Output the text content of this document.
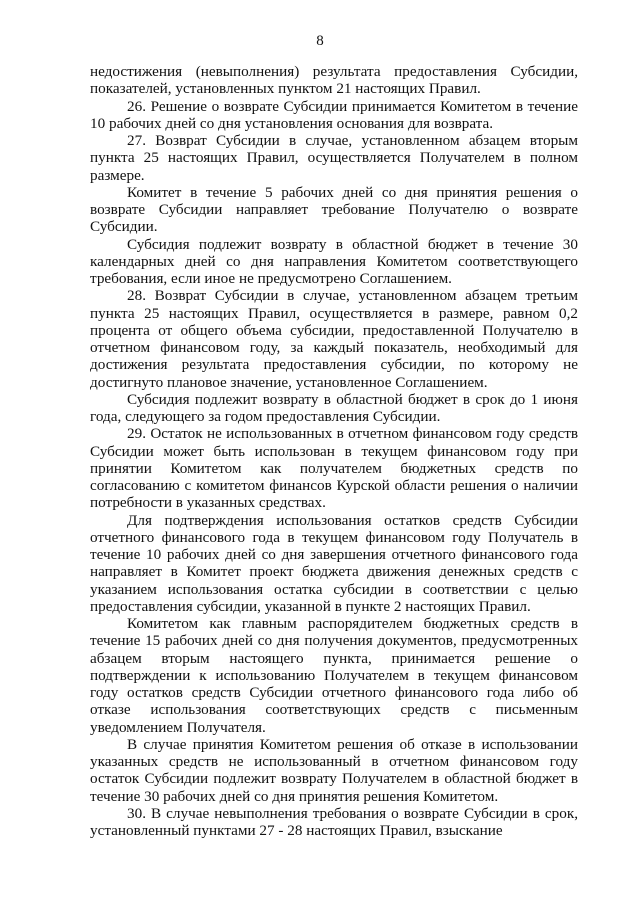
8

недостижения (невыполнения) результата предоставления Субсидии, показателей, установленных пунктом 21 настоящих Правил.

26. Решение о возврате Субсидии принимается Комитетом в течение 10 рабочих дней со дня установления основания для возврата.

27. Возврат Субсидии в случае, установленном абзацем вторым пункта 25 настоящих Правил, осуществляется Получателем в полном размере.

Комитет в течение 5 рабочих дней со дня принятия решения о возврате Субсидии направляет требование Получателю о возврате Субсидии.

Субсидия подлежит возврату в областной бюджет в течение 30 календарных дней со дня направления Комитетом соответствующего требования, если иное не предусмотрено Соглашением.

28. Возврат Субсидии в случае, установленном абзацем третьим пункта 25 настоящих Правил, осуществляется в размере, равном 0,2 процента от общего объема субсидии, предоставленной Получателю в отчетном финансовом году, за каждый показатель, необходимый для достижения результата предоставления субсидии, по которому не достигнуто плановое значение, установленное Соглашением.

Субсидия подлежит возврату в областной бюджет в срок до 1 июня года, следующего за годом предоставления Субсидии.

29. Остаток не использованных в отчетном финансовом году средств Субсидии может быть использован в текущем финансовом году при принятии Комитетом как получателем бюджетных средств по согласованию с комитетом финансов Курской области решения о наличии потребности в указанных средствах.

Для подтверждения использования остатков средств Субсидии отчетного финансового года в текущем финансовом году Получатель в течение 10 рабочих дней со дня завершения отчетного финансового года направляет в Комитет проект бюджета движения денежных средств с указанием использования остатка субсидии в соответствии с целью предоставления субсидии, указанной в пункте 2 настоящих Правил.

Комитетом как главным распорядителем бюджетных средств в течение 15 рабочих дней со дня получения документов, предусмотренных абзацем вторым настоящего пункта, принимается решение о подтверждении к использованию Получателем в текущем финансовом году остатков средств Субсидии отчетного финансового года либо об отказе использования соответствующих средств с письменным уведомлением Получателя.

В случае принятия Комитетом решения об отказе в использовании указанных средств не использованный в отчетном финансовом году остаток Субсидии подлежит возврату Получателем в областной бюджет в течение 30 рабочих дней со дня принятия решения Комитетом.

30. В случае невыполнения требования о возврате Субсидии в срок, установленный пунктами 27 - 28 настоящих Правил, взыскание
